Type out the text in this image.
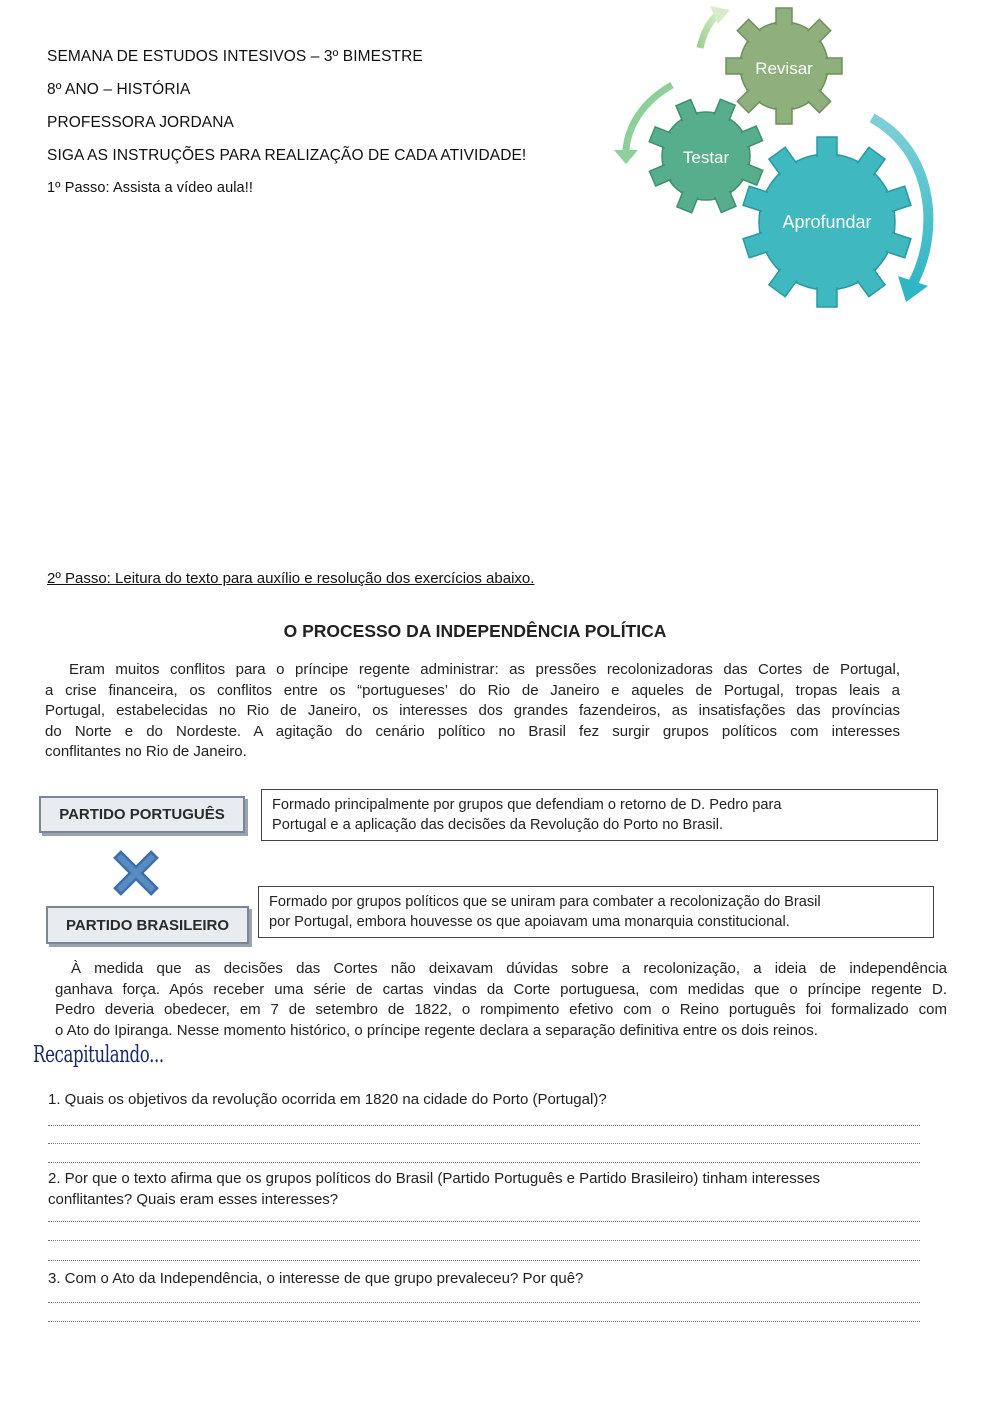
SEMANA DE ESTUDOS INTESIVOS – 3º BIMESTRE
8º ANO – HISTÓRIA
PROFESSORA JORDANA
SIGA AS INSTRUÇÕES PARA REALIZAÇÃO DE CADA ATIVIDADE!
1º Passo: Assista a vídeo aula!!
Revisar
Testar
Aprofundar
2º Passo: Leitura do texto para auxílio e resolução dos exercícios abaixo.
O PROCESSO DA INDEPENDÊNCIA POLÍTICA
Eram muitos conflitos para o príncipe regente administrar: as pressões recolonizadoras das Cortes de Portugal,
a crise financeira, os conflitos entre os “portugueses’ do Rio de Janeiro e aqueles de Portugal, tropas leais a
Portugal, estabelecidas no Rio de Janeiro, os interesses dos grandes fazendeiros, as insatisfações das províncias
do Norte e do Nordeste. A agitação do cenário político no Brasil fez surgir grupos políticos com interesses
conflitantes no Rio de Janeiro.
PARTIDO PORTUGUÊS
Formado principalmente por grupos que defendiam o retorno de D. Pedro para
Portugal e a aplicação das decisões da Revolução do Porto no Brasil.
PARTIDO BRASILEIRO
Formado por grupos políticos que se uniram para combater a recolonização do Brasil
por Portugal, embora houvesse os que apoiavam uma monarquia constitucional.
À medida que as decisões das Cortes não deixavam dúvidas sobre a recolonização, a ideia de independência
ganhava força. Após receber uma série de cartas vindas da Corte portuguesa, com medidas que o príncipe regente D.
Pedro deveria obedecer, em 7 de setembro de 1822, o rompimento efetivo com o Reino português foi formalizado com
o Ato do Ipiranga. Nesse momento histórico, o príncipe regente declara a separação definitiva entre os dois reinos.
Recapitulando...
1. Quais os objetivos da revolução ocorrida em 1820 na cidade do Porto (Portugal)?
2. Por que o texto afirma que os grupos políticos do Brasil (Partido Português e Partido Brasileiro) tinham interesses
conflitantes? Quais eram esses interesses?
3. Com o Ato da Independência, o interesse de que grupo prevaleceu? Por quê?
